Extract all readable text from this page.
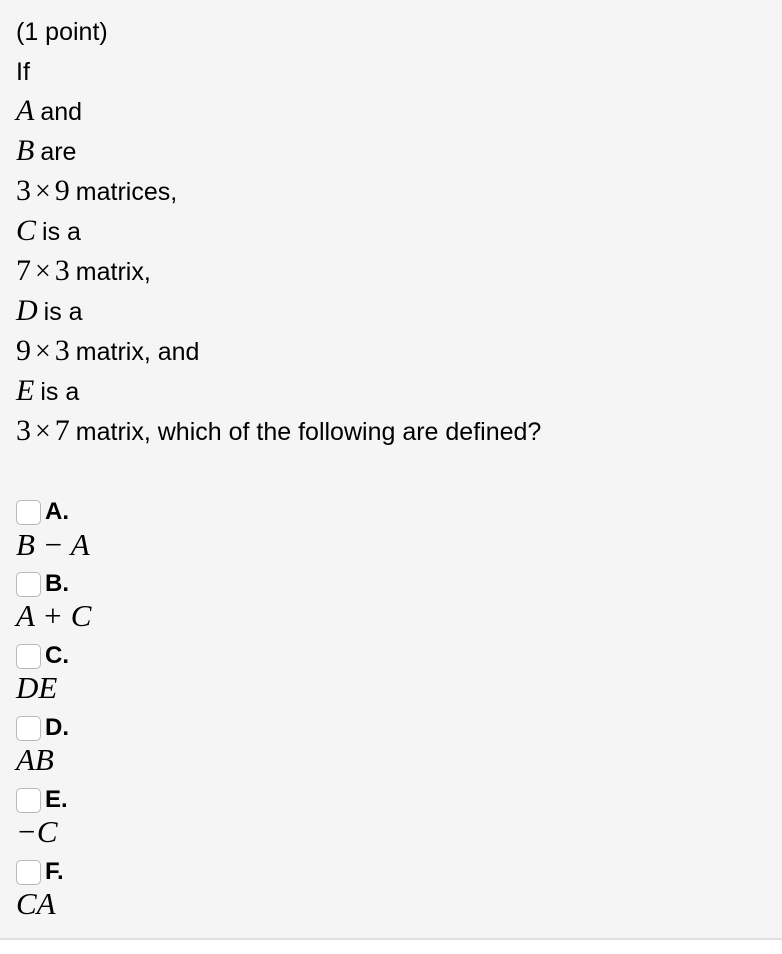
(1 point)
If
A and
B are
3 × 9 matrices,
C is a
7 × 3 matrix,
D is a
9 × 3 matrix, and
E is a
3 × 7 matrix, which of the following are defined?
A.
B − A
B.
A + C
C.
DE
D.
AB
E.
−C
F.
CA
